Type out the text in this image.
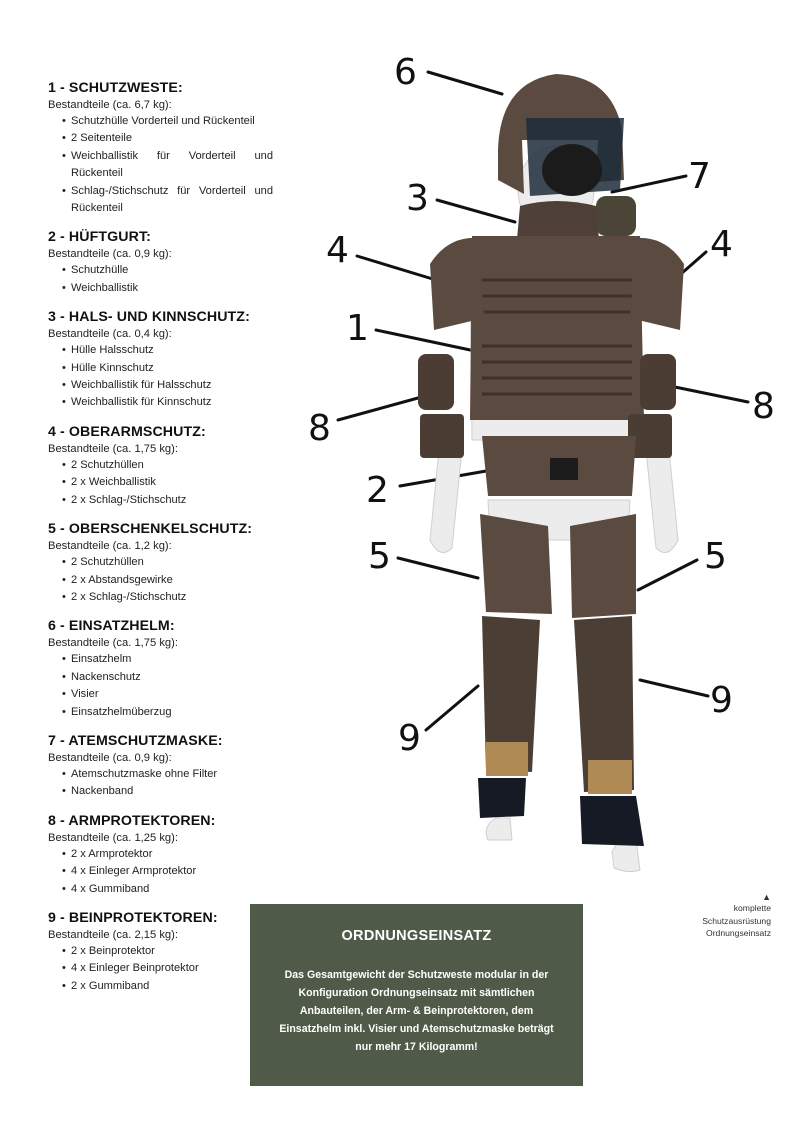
1 - SCHUTZWESTE:
Bestandteile (ca. 6,7 kg):
• Schutzhülle Vorderteil und Rückenteil
• 2 Seitenteile
• Weichballistik für Vorderteil und Rückenteil
• Schlag-/Stichschutz für Vorderteil und Rückenteil
2 - HÜFTGURT:
Bestandteile (ca. 0,9 kg):
• Schutzhülle
• Weichballistik
3 - HALS- UND KINNSCHUTZ:
Bestandteile (ca. 0,4 kg):
• Hülle Halsschutz
• Hülle Kinnschutz
• Weichballistik für Halsschutz
• Weichballistik für Kinnschutz
4 - OBERARMSCHUTZ:
Bestandteile (ca. 1,75 kg):
• 2 Schutzhüllen
• 2 x Weichballistik
• 2 x Schlag-/Stichschutz
5 - OBERSCHENKELSCHUTZ:
Bestandteile (ca. 1,2 kg):
• 2 Schutzhüllen
• 2 x Abstandsgewirke
• 2 x Schlag-/Stichschutz
6 - EINSATZHELM:
Bestandteile (ca. 1,75 kg):
• Einsatzhelm
• Nackenschutz
• Visier
• Einsatzhelmüberzug
7 - ATEMSCHUTZMASKE:
Bestandteile (ca. 0,9 kg):
• Atemschutzmaske ohne Filter
• Nackenband
8 - ARMPROTEKTOREN:
Bestandteile (ca. 1,25 kg):
• 2 x Armprotektor
• 4 x Einleger Armprotektor
• 4 x Gummiband
9 - BEINPROTEKTOREN:
Bestandteile (ca. 2,15 kg):
• 2 x Beinprotektor
• 4 x Einleger Beinprotektor
• 2 x Gummiband
6
7
3
4	4
1
8
8
2
5	5
9
9
▲
komplette
Schutzausrüstung
Ordnungseinsatz
ORDNUNGSEINSATZ

Das Gesamtgewicht der Schutzweste modular in der Konfiguration Ordnungseinsatz mit sämtlichen Anbauteilen, der Arm- & Beinprotektoren, dem Einsatzhelm inkl. Visier und Atemschutzmaske beträgt nur mehr 17 Kilogramm!
